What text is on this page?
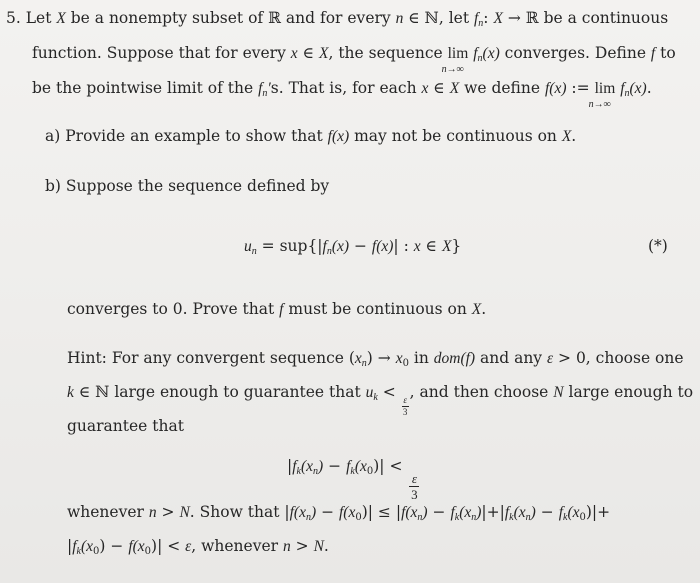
5. Let X be a nonempty subset of ℝ and for every n ∈ ℕ, let $f_n$: X → ℝ be a continuous
function. Suppose that for every x ∈ X, the sequence lim
n→∞
$f_n(x)$ converges. Define f to
be the pointwise limit of the $f_n's$. That is, for each x ∈ X we define f(x) := lim
n→∞
$f_n(x)$.
a) Provide an example to show that f(x) may not be continuous on X.
b) Suppose the sequence defined by
$u_n = sup\{|f_n(x) - f(x)|$ : x ∈ X}	(*)
converges to 0. Prove that f must be continuous on X.
Hint: For any convergent sequence $(x_n) \to x_0$ in dom(f) and any ε > 0, choose one
k ∈ ℕ large enough to guarantee that $u_k$ <
$\frac{\varepsilon}{3}$
, and then choose N large enough to
guarantee that
$|f_k(x_n) - f_k(x_0)|$ <
$\frac{\varepsilon}{3}$
whenever n > N. Show that $|f(x_n) - f(x_0)| \le |f(x_n) - f_k(x_n)|+|f_k(x_n) - f_k(x_0)|+$
$|f_k(x_0) - f(x_0)| < \varepsilon$, whenever n > N.
